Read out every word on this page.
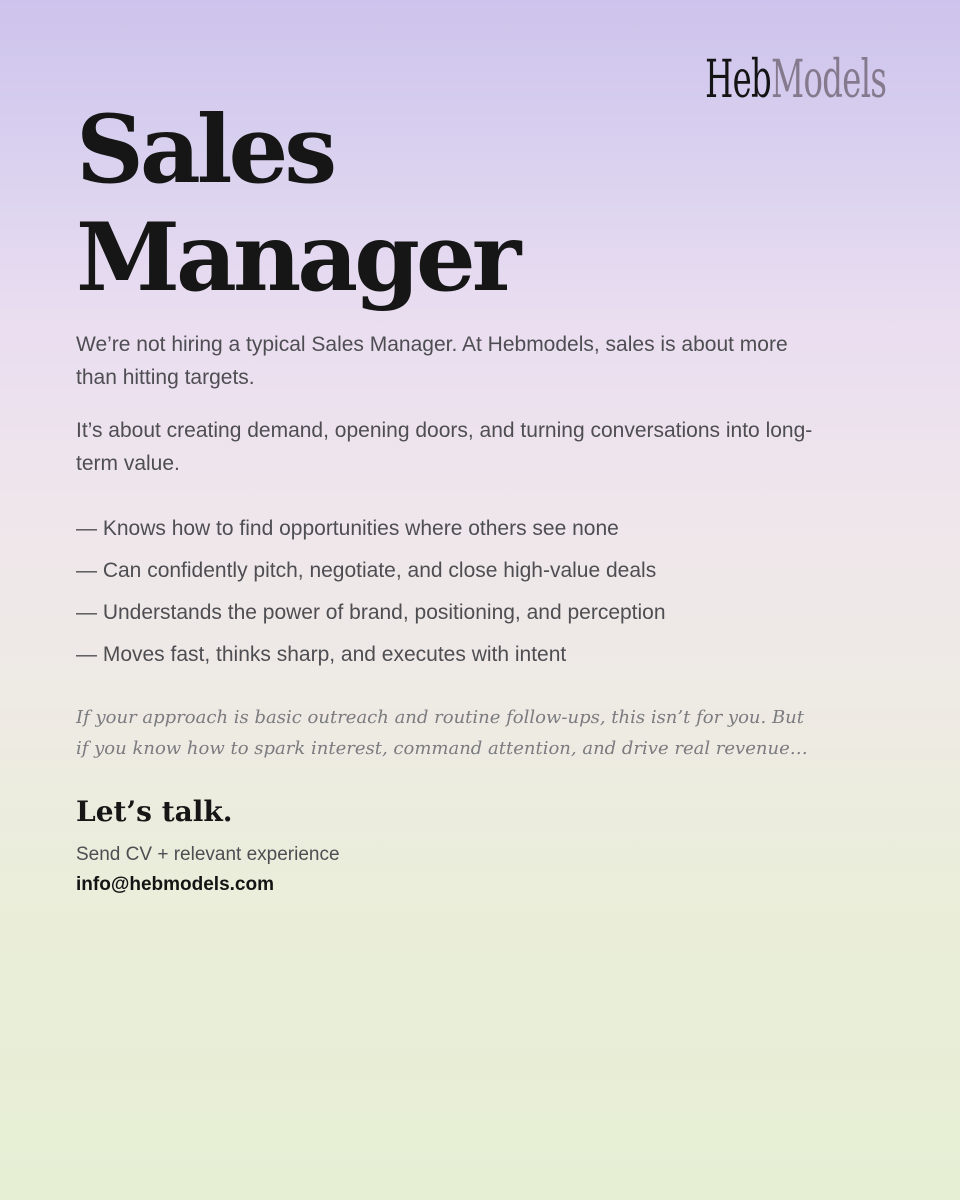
HebModels
Sales
Manager

We’re not hiring a typical Sales Manager. At Hebmodels, sales is about more than hitting targets.

It’s about creating demand, opening doors, and turning conversations into long-term value.

— Knows how to find opportunities where others see none
— Can confidently pitch, negotiate, and close high-value deals
— Understands the power of brand, positioning, and perception
— Moves fast, thinks sharp, and executes with intent

If your approach is basic outreach and routine follow-ups, this isn’t for you. But if you know how to spark interest, command attention, and drive real revenue…

Let’s talk.

Send CV + relevant experience

info@hebmodels.com
